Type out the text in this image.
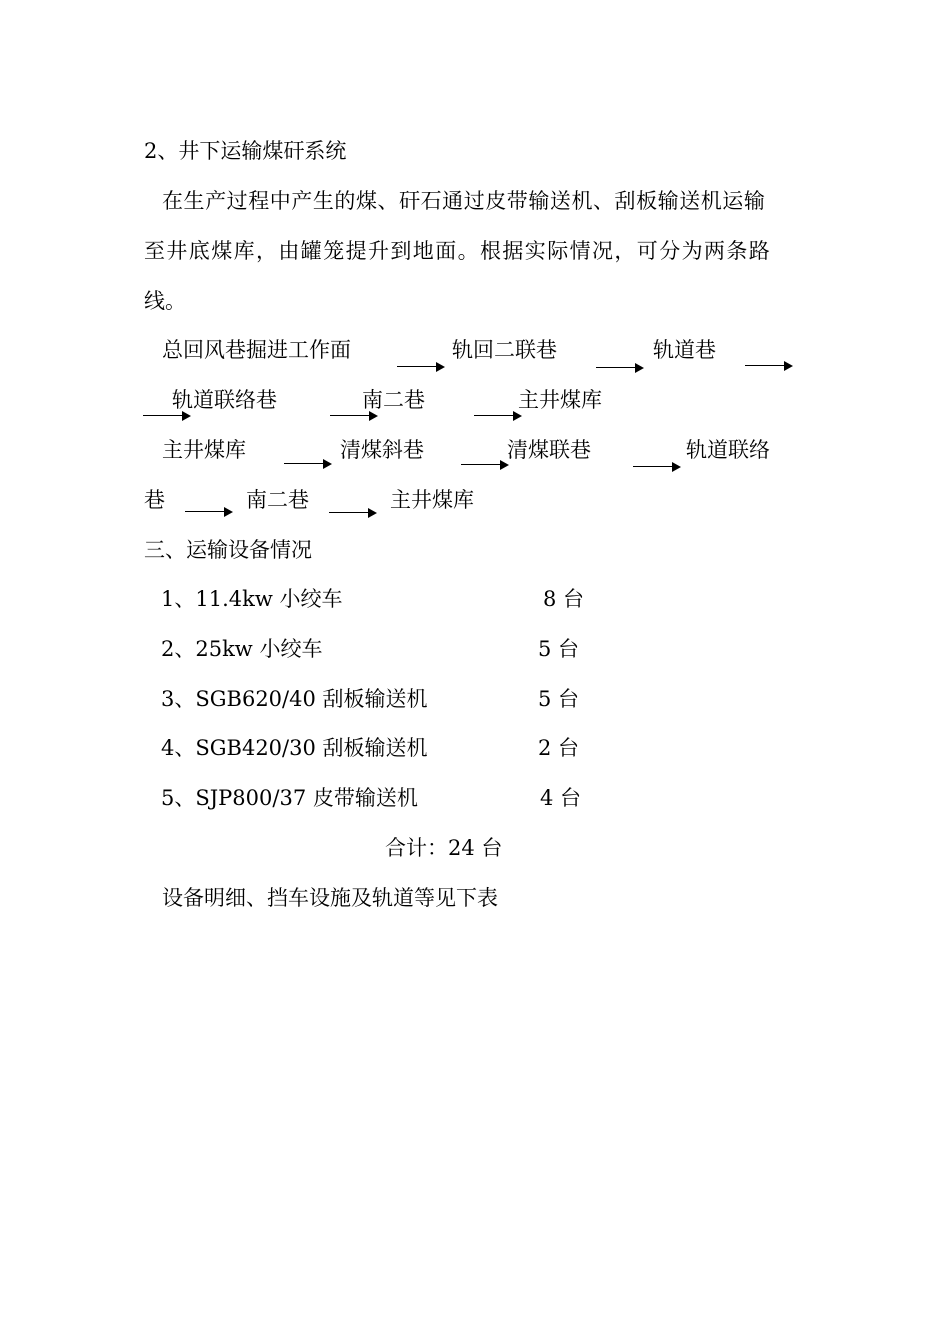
2、井下运输煤矸系统
在生产过程中产生的煤、矸石通过皮带输送机、刮板输送机运输
至井底煤库，由罐笼提升到地面。根据实际情况，可分为两条路
线。
总回风巷掘进工作面	轨回二联巷	轨道巷
轨道联络巷	南二巷	主井煤库
主井煤库	清煤斜巷	清煤联巷	轨道联络
巷	南二巷	主井煤库
三、运输设备情况
1、11.4kw 小绞车	8 台
2、25kw 小绞车	5 台
3、SGB620/40 刮板输送机	5 台
4、SGB420/30 刮板输送机	2 台
5、SJP800/37 皮带输送机	4 台
合计：24 台
设备明细、挡车设施及轨道等见下表
